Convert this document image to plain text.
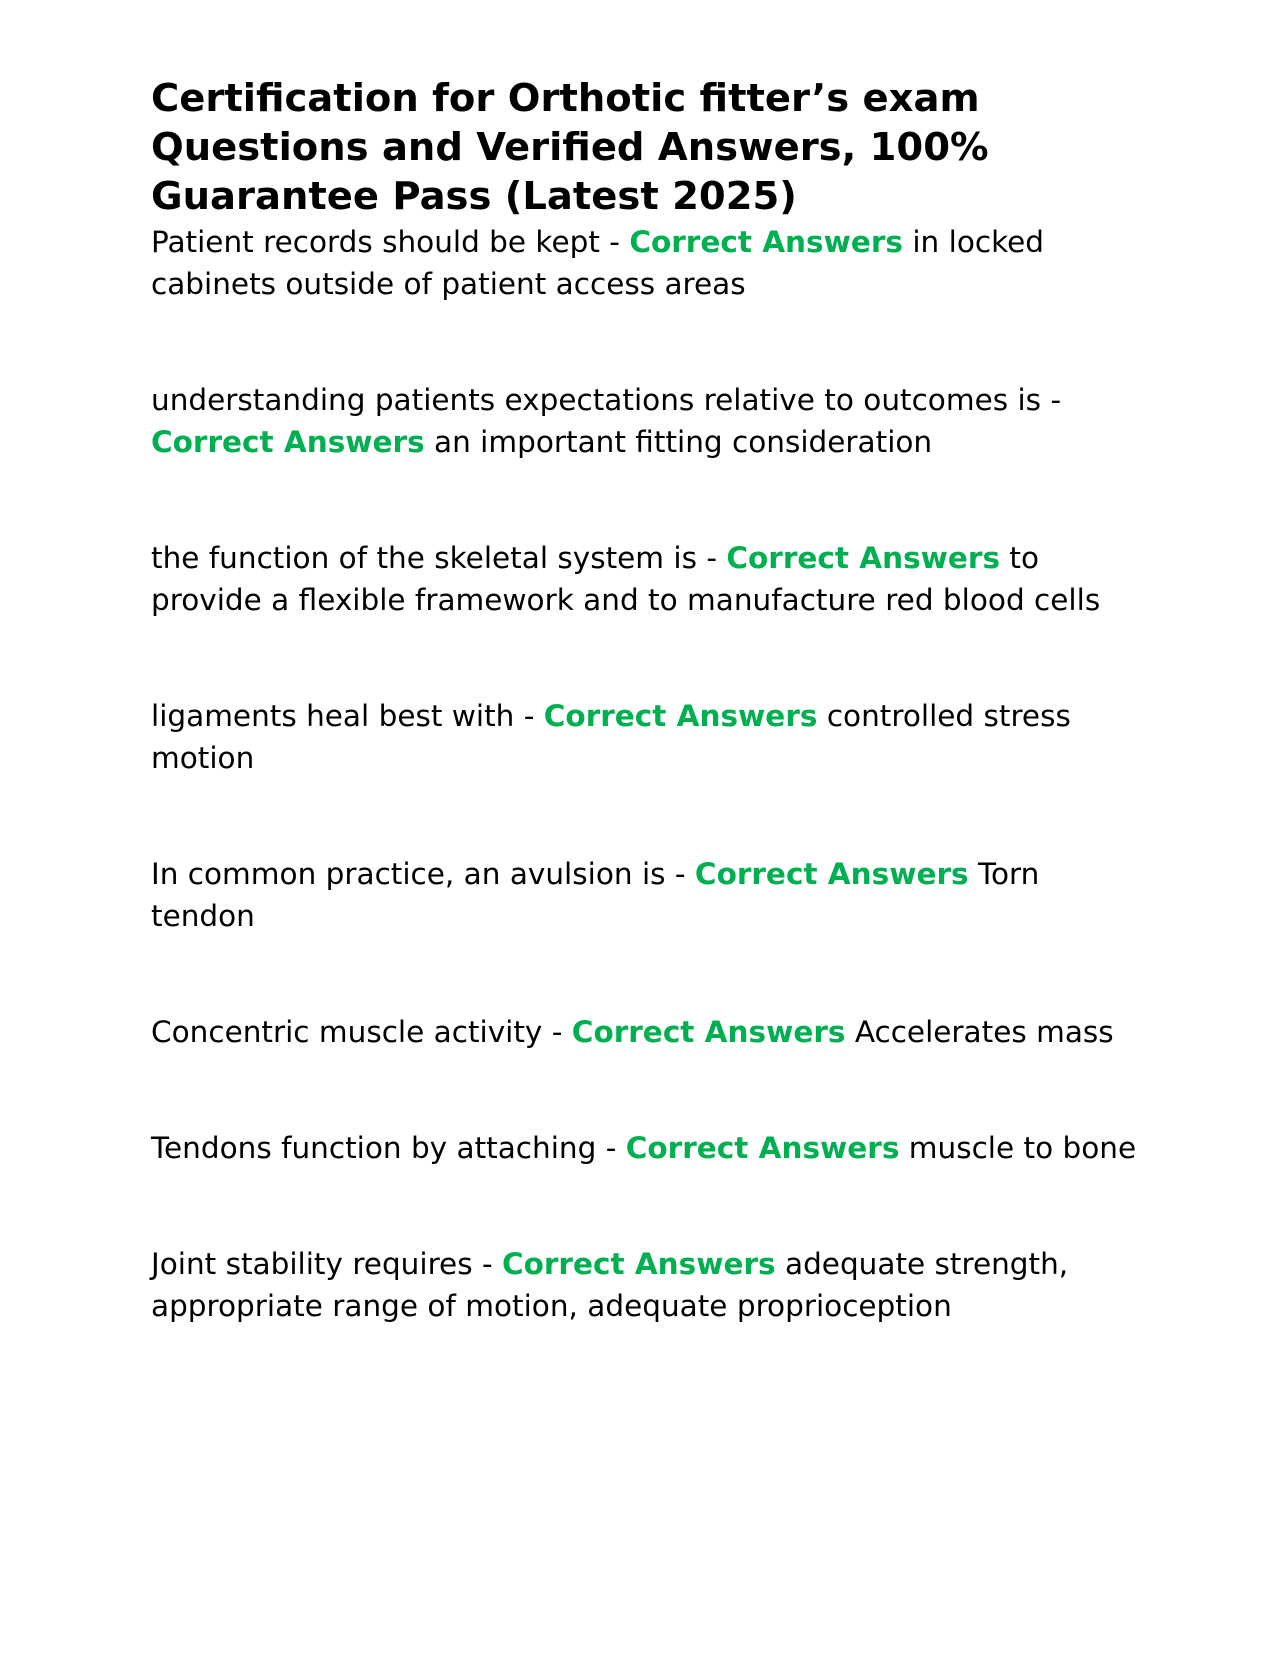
Certification for Orthotic fitter’s exam Questions and Verified Answers, 100% Guarantee Pass (Latest 2025)

Patient records should be kept - Correct Answers in locked cabinets outside of patient access areas

understanding patients expectations relative to outcomes is - Correct Answers an important fitting consideration

the function of the skeletal system is - Correct Answers to provide a flexible framework and to manufacture red blood cells

ligaments heal best with - Correct Answers controlled stress motion

In common practice, an avulsion is - Correct Answers Torn tendon

Concentric muscle activity - Correct Answers Accelerates mass

Tendons function by attaching - Correct Answers muscle to bone

Joint stability requires - Correct Answers adequate strength, appropriate range of motion, adequate proprioception
